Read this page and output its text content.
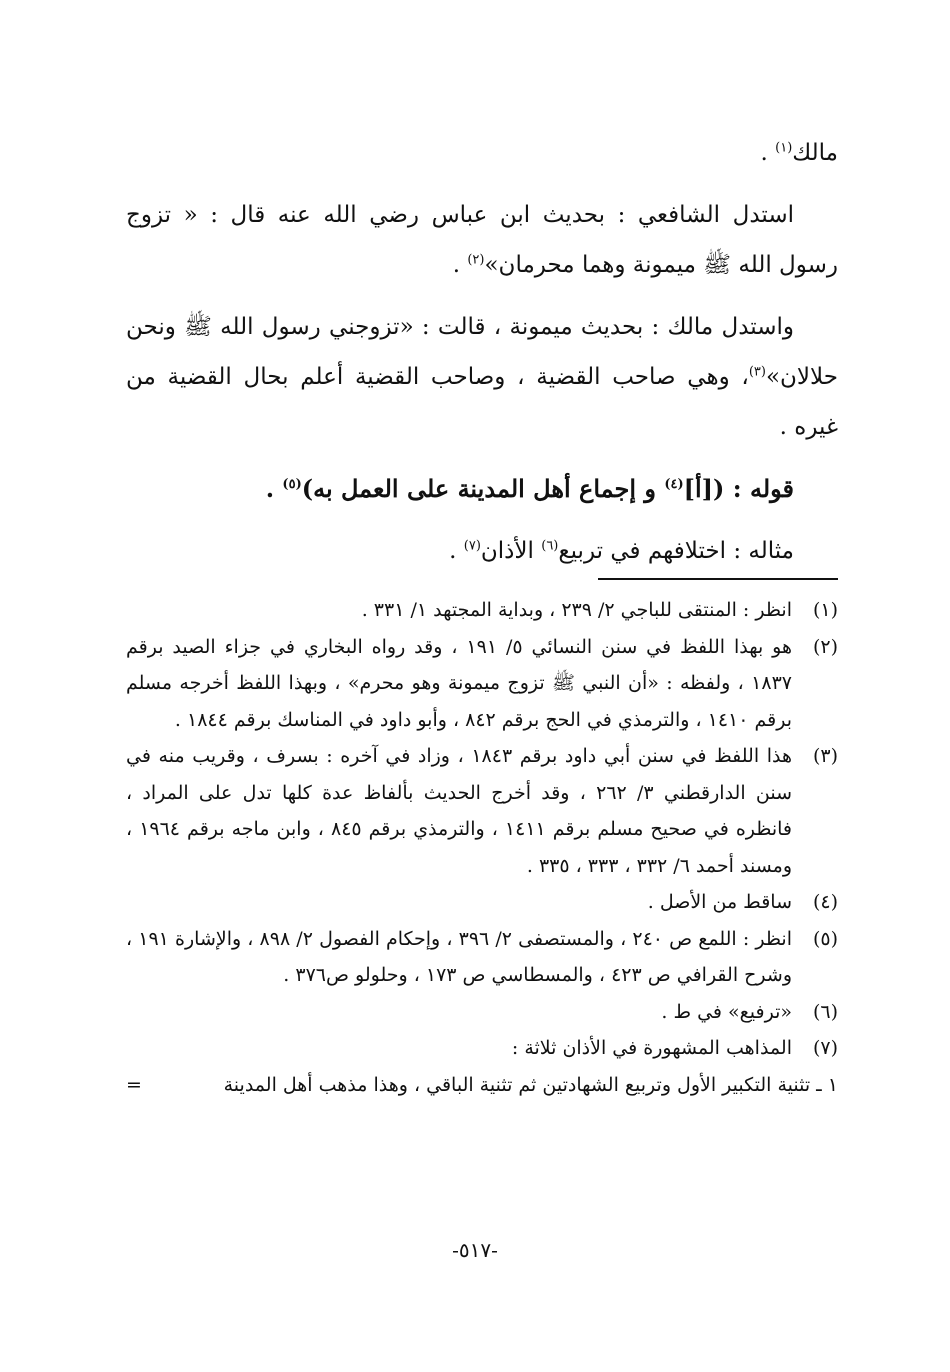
مالك$^{(١)}$ .

استدل الشافعي : بحديث ابن عباس رضي الله عنه قال : « تزوج رسول الله ﷺ ميمونة وهما محرمان»$^{(٢)}$ .

واستدل مالك : بحديث ميمونة ، قالت : «تزوجني رسول الله ﷺ ونحن حلالان»$^{(٣)}$، وهي صاحب القضية ، وصاحب القضية أعلم بحال القضية من غيره .

قوله : ([أ]$^{(٤)}$ و إجماع أهل المدينة على العمل به)$^{(٥)}$ .

مثاله : اختلافهم في تربيع$^{(٦)}$ الأذان$^{(٧)}$ .

(١)
انظر : المنتقى للباجي ٢/ ٢٣٩ ، وبداية المجتهد ١/ ٣٣١ .
(٢)
هو بهذا اللفظ في سنن النسائي ٥/ ١٩١ ، وقد رواه البخاري في جزاء الصيد برقم ١٨٣٧ ، ولفظه : «أن النبي ﷺ تزوج ميمونة وهو محرم» ، وبهذا اللفظ أخرجه مسلم برقم ١٤١٠ ، والترمذي في الحج برقم ٨٤٢ ، وأبو داود في المناسك برقم ١٨٤٤ .
(٣)
هذا اللفظ في سنن أبي داود برقم ١٨٤٣ ، وزاد في آخره : بسرف ، وقريب منه في سنن الدارقطني ٣/ ٢٦٢ ، وقد أخرج الحديث بألفاظ عدة كلها تدل على المراد ، فانظره في صحيح مسلم برقم ١٤١١ ، والترمذي برقم ٨٤٥ ، وابن ماجه برقم ١٩٦٤ ، ومسند أحمد ٦/ ٣٣٢ ، ٣٣٣ ، ٣٣٥ .
(٤)
ساقط من الأصل .
(٥)
انظر : اللمع ص ٢٤٠ ، والمستصفى ٢/ ٣٩٦ ، وإحكام الفصول ٢/ ٨٩٨ ، والإشارة ١٩١ ، وشرح القرافي ص ٤٢٣ ، والمسطاسي ص ١٧٣ ، وحلولو ص٣٧٦ .
(٦)
«ترفيع» في ط .
(٧)
المذاهب المشهورة في الأذان ثلاثة :
١ ـ تثنية التكبير الأول وتربيع الشهادتين ثم تثنية الباقي ، وهذا مذهب أهل المدينة
=
-٥١٧-
